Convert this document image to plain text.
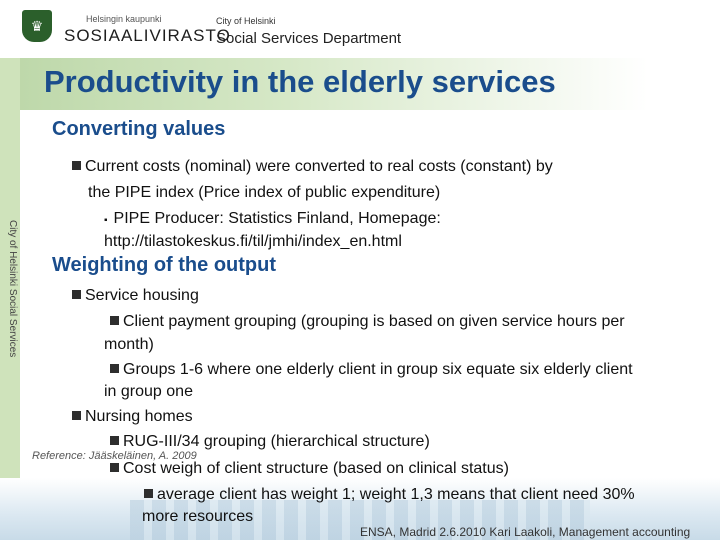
♛	Helsingin kaupunki
SOSIAALIVIRASTO
City of Helsinki
Social Services Department
City of Helsinki Social Services
Productivity in the elderly services
Converting values
Current costs (nominal) were converted to real costs (constant) by
the PIPE index (Price index of public expenditure)
▪ PIPE Producer: Statistics Finland, Homepage:
http://tilastokeskus.fi/til/jmhi/index_en.html
Weighting of the output
Service housing
Client payment grouping (grouping is based on given service hours per
month)
Groups 1-6 where one elderly client in group six equate six elderly client
in group one
Nursing homes
RUG-III/34 grouping (hierarchical structure)
Cost weigh of client structure (based on clinical status)
Reference: Jääskeläinen, A. 2009
average client has weight 1; weight 1,3 means that client need 30%
more resources
ENSA, Madrid 2.6.2010 Kari Laakoli, Management accounting
